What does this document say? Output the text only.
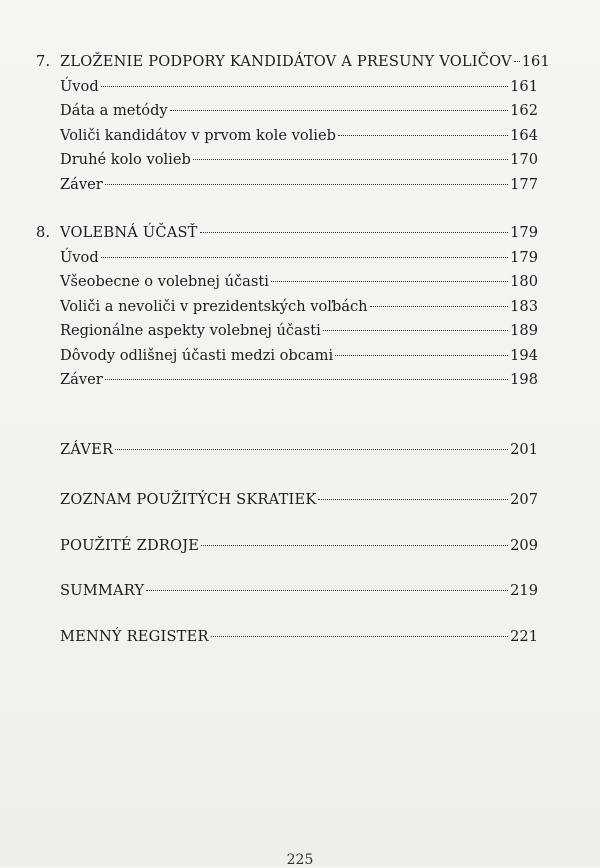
7. ZLOŽENIE PODPORY KANDIDÁTOV A PRESUNY VOLIČOV 161
Úvod	161
Dáta a metódy	162
Voliči kandidátov v prvom kole volieb	164
Druhé kolo volieb	170
Záver	177
8. VOLEBNÁ ÚČASŤ	179
Úvod	179
Všeobecne o volebnej účasti	180
Voliči a nevoliči v prezidentských voľbách	183
Regionálne aspekty volebnej účasti	189
Dôvody odlišnej účasti medzi obcami	194
Záver	198
ZÁVER	201
ZOZNAM POUŽITÝCH SKRATIEK	207
POUŽITÉ ZDROJE	209
SUMMARY	219
MENNÝ REGISTER	221
225
